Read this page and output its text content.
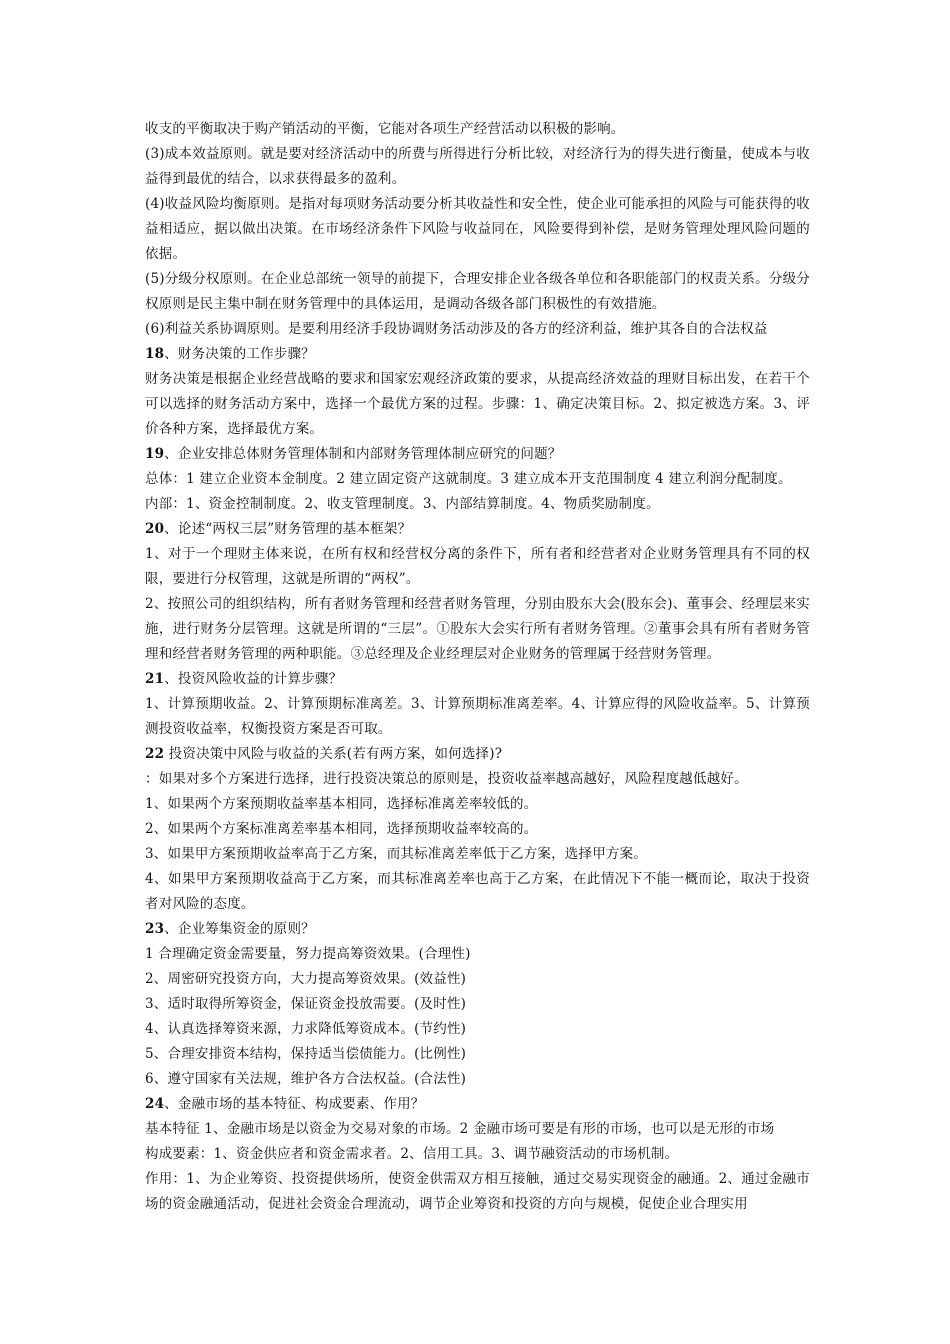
收支的平衡取决于购产销活动的平衡，它能对各项生产经营活动以积极的影响。

(3)成本效益原则。就是要对经济活动中的所费与所得进行分析比较，对经济行为的得失进行衡量，使成本与收益得到最优的结合，以求获得最多的盈利。

(4)收益风险均衡原则。是指对每项财务活动要分析其收益性和安全性，使企业可能承担的风险与可能获得的收益相适应，据以做出决策。在市场经济条件下风险与收益同在，风险要得到补偿，是财务管理处理风险问题的依据。

(5)分级分权原则。在企业总部统一领导的前提下，合理安排企业各级各单位和各职能部门的权责关系。分级分权原则是民主集中制在财务管理中的具体运用，是调动各级各部门积极性的有效措施。

(6)利益关系协调原则。是要利用经济手段协调财务活动涉及的各方的经济利益，维护其各自的合法权益

18、财务决策的工作步骤？

财务决策是根据企业经营战略的要求和国家宏观经济政策的要求，从提高经济效益的理财目标出发，在若干个可以选择的财务活动方案中，选择一个最优方案的过程。步骤：1、确定决策目标。2、拟定被选方案。3、评价各种方案，选择最优方案。

19、企业安排总体财务管理体制和内部财务管理体制应研究的问题？

总体：1 建立企业资本金制度。2 建立固定资产这就制度。3 建立成本开支范围制度 4 建立利润分配制度。

内部：1、资金控制制度。2、收支管理制度。3、内部结算制度。4、物质奖励制度。

20、论述“两权三层”财务管理的基本框架？

1、对于一个理财主体来说，在所有权和经营权分离的条件下，所有者和经营者对企业财务管理具有不同的权限，要进行分权管理，这就是所谓的“两权”。

2、按照公司的组织结构，所有者财务管理和经营者财务管理，分别由股东大会(股东会)、董事会、经理层来实施，进行财务分层管理。这就是所谓的“三层”。①股东大会实行所有者财务管理。②董事会具有所有者财务管理和经营者财务管理的两种职能。③总经理及企业经理层对企业财务的管理属于经营财务管理。

21、投资风险收益的计算步骤？

1、计算预期收益。2、计算预期标准离差。3、计算预期标准离差率。4、计算应得的风险收益率。5、计算预测投资收益率，权衡投资方案是否可取。

22 投资决策中风险与收益的关系(若有两方案，如何选择)?

：如果对多个方案进行选择，进行投资决策总的原则是，投资收益率越高越好，风险程度越低越好。

1、如果两个方案预期收益率基本相同，选择标准离差率较低的。

2、如果两个方案标准离差率基本相同，选择预期收益率较高的。

3、如果甲方案预期收益率高于乙方案，而其标准离差率低于乙方案，选择甲方案。

4、如果甲方案预期收益高于乙方案，而其标准离差率也高于乙方案，在此情况下不能一概而论，取决于投资者对风险的态度。

23、企业筹集资金的原则？

1 合理确定资金需要量，努力提高筹资效果。(合理性)

2、周密研究投资方向，大力提高筹资效果。(效益性)

3、适时取得所筹资金，保证资金投放需要。(及时性)

4、认真选择筹资来源，力求降低筹资成本。(节约性)

5、合理安排资本结构，保持适当偿债能力。(比例性)

6、遵守国家有关法规，维护各方合法权益。(合法性)

24、金融市场的基本特征、构成要素、作用？

基本特征 1、金融市场是以资金为交易对象的市场。2 金融市场可要是有形的市场，也可以是无形的市场

构成要素：1、资金供应者和资金需求者。2、信用工具。3、调节融资活动的市场机制。

作用：1、为企业筹资、投资提供场所，使资金供需双方相互接触，通过交易实现资金的融通。2、通过金融市场的资金融通活动，促进社会资金合理流动，调节企业筹资和投资的方向与规模，促使企业合理实用
